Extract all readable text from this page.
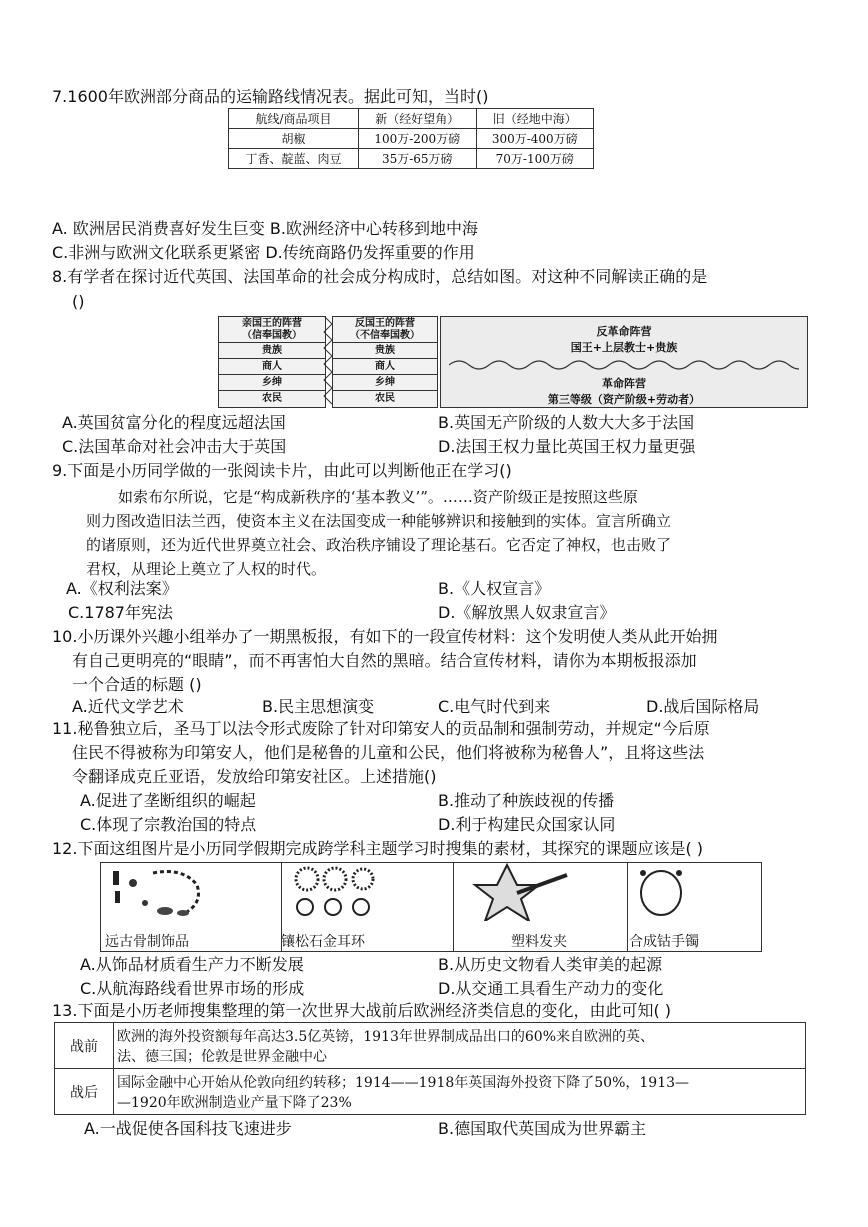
7.1600年欧洲部分商品的运输路线情况表。据此可知，当时()
航线/商品项目	新（经好望角）	旧（经地中海）
胡椒	100万-200万磅	300万-400万磅
丁香、靛蓝、肉豆	35万-65万磅	70万-100万磅
A. 欧洲居民消费喜好发生巨变 B.欧洲经济中心转移到地中海
C.非洲与欧洲文化联系更紧密 D.传统商路仍发挥重要的作用
8.有学者在探讨近代英国、法国革命的社会成分构成时，总结如图。对这种不同解读正确的是
()
亲国王的阵营
（信奉国教）
贵族
商人
乡绅
农民
反国王的阵营
（不信奉国教）
贵族
商人
乡绅
农民
反革命阵营
国王+上层教士+贵族
革命阵营
第三等级（资产阶级+劳动者）
A.英国贫富分化的程度远超法国	B.英国无产阶级的人数大大多于法国
C.法国革命对社会冲击大于英国	D.法国王权力量比英国王权力量更强
9.下面是小历同学做的一张阅读卡片，由此可以判断他正在学习()
如索布尔所说，它是“构成新秩序的‘基本教义’”。……资产阶级正是按照这些原
则力图改造旧法兰西，使资本主义在法国变成一种能够辨识和接触到的实体。宣言所确立
的诸原则，还为近代世界奠立社会、政治秩序铺设了理论基石。它否定了神权，也击败了
君权，从理论上奠立了人权的时代。
A.《权利法案》	B.《人权宣言》
C.1787年宪法	D.《解放黑人奴隶宣言》
10.小历课外兴趣小组举办了一期黑板报，有如下的一段宣传材料：这个发明使人类从此开始拥
有自己更明亮的“眼睛”，而不再害怕大自然的黑暗。结合宣传材料，请你为本期板报添加
一个合适的标题 ()
A.近代文学艺术	B.民主思想演变	C.电气时代到来	D.战后国际格局
11.秘鲁独立后，圣马丁以法令形式废除了针对印第安人的贡品制和强制劳动，并规定“今后原
住民不得被称为印第安人，他们是秘鲁的儿童和公民，他们将被称为秘鲁人”，且将这些法
令翻译成克丘亚语，发放给印第安社区。上述措施()
A.促进了垄断组织的崛起	B.推动了种族歧视的传播
C.体现了宗教治国的特点	D.利于构建民众国家认同
12.下面这组图片是小历同学假期完成跨学科主题学习时搜集的素材，其探究的课题应该是( )
远古骨制饰品	镶松石金耳环	塑料发夹	合成钴手镯
A.从饰品材质看生产力不断发展	B.从历史文物看人类审美的起源
C.从航海路线看世界市场的形成	D.从交通工具看生产动力的变化
13.下面是小历老师搜集整理的第一次世界大战前后欧洲经济类信息的变化，由此可知( )
战前	欧洲的海外投资额每年高达3.5亿英镑，1913年世界制成品出口的60%来自欧洲的英、
法、德三国；伦敦是世界金融中心

战后	国际金融中心开始从伦敦向纽约转移；1914——1918年英国海外投资下降了50%，1913—
—1920年欧洲制造业产量下降了23%
A.一战促使各国科技飞速进步	B.德国取代英国成为世界霸主
